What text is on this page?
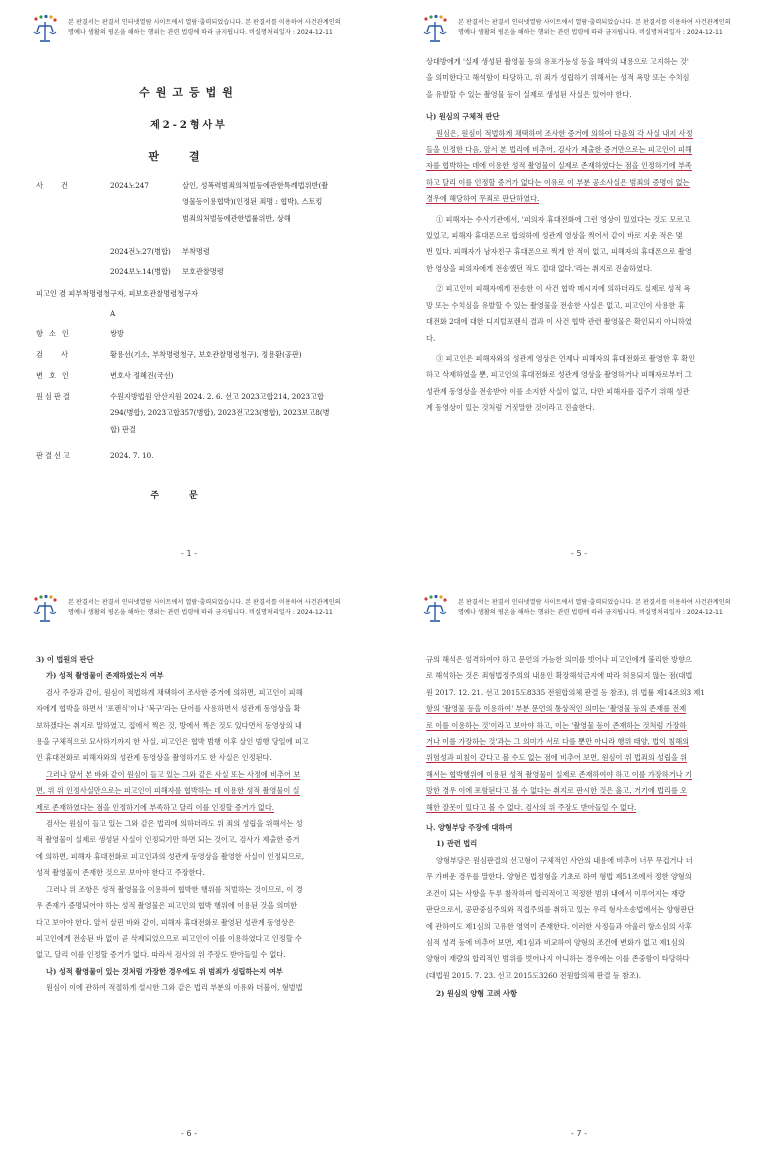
본 판결서는 판결서 인터넷열람 사이트에서 열람·출력되었습니다. 본 판결서를 이용하여 사건관계인의
명예나 생활의 평온을 해하는 행위는 관련 법령에 따라 금지됩니다. 비실명처리일자 : 2024-12-11
수원고등법원
제2-2형사부
판결
사건	2024노247	살인, 성폭력범죄의처벌등에관한특례법위반(촬
영물등이용협박)(인정된 죄명 : 협박), 스토킹
범죄의처벌등에관한법률위반, 상해
2024전노27(병합) 부착명령
2024보노14(병합) 보호관찰명령
피고인 겸 피부착명령청구자, 피보호관찰명령청구자
A
항소인	쌍방
검사	황용선(기소, 부착명령청구, 보호관찰명령청구), 정용환(공판)
변호인	변호사 정혜진(국선)
원심판결	수원지방법원 안산지원 2024. 2. 6. 선고 2023고합214, 2023고합
294(병합), 2023고합357(병합), 2023전고23(병합), 2023보고8(병
합) 판결
판결선고	2024. 7. 10.
주문
- 1 -
본 판결서는 판결서 인터넷열람 사이트에서 열람·출력되었습니다. 본 판결서를 이용하여 사건관계인의
명예나 생활의 평온을 해하는 행위는 관련 법령에 따라 금지됩니다. 비실명처리일자 : 2024-12-11
상대방에게 '실제 생성된 촬영물 등의 유포가능성 등을 해악의 내용으로 고지하는 것'
을 의미한다고 해석함이 타당하고, 위 죄가 성립하기 위해서는 성적 욕망 또는 수치심
을 유발할 수 있는 촬영물 등이 실제로 생성된 사실은 있어야 한다.
나) 원심의 구체적 판단
원심은, 원심이 적법하게 채택하여 조사한 증거에 의하여 다음의 각 사실 내지 사정
들을 인정한 다음, 앞서 본 법리에 비추어, 검사가 제출한 증거만으로는 피고인이 피해
자를 협박하는 데에 이용한 성적 촬영물이 실제로 존재하였다는 점을 인정하기에 부족
하고 달리 이를 인정할 증거가 없다는 이유로 이 부분 공소사실은 범죄의 증명이 없는
경우에 해당하여 무죄로 판단하였다.
① 피해자는 수사기관에서, '피의자 휴대전화에 그런 영상이 있었다는 것도 모르고
있었고, 피해자 휴대폰으로 합의하에 성관계 영상을 찍어서 같이 바로 지운 적은 몇
번 있다. 피해자가 남자친구 휴대폰으로 찍게 한 적이 없고, 피해자의 휴대폰으로 촬영
한 영상을 피의자에게 전송했던 적도 절대 없다.'라는 취지로 진술하였다.
② 피고인이 피해자에게 전송한 이 사건 협박 메시지에 의하더라도 실제로 성적 욕
망 또는 수치심을 유발할 수 있는 촬영물을 전송한 사실은 없고, 피고인이 사용한 휴
대전화 2대에 대한 디지털포렌식 결과 이 사건 협박 관련 촬영물은 확인되지 아니하였
다.
③ 피고인은 피해자와의 성관계 영상은 언제나 피해자의 휴대전화로 촬영한 후 확인
하고 삭제하였을 뿐, 피고인의 휴대전화로 성관계 영상을 촬영하거나 피해자로부터 그
성관계 동영상을 전송받아 이를 소지한 사실이 없고, 다만 피해자를 겁주기 위해 성관
계 동영상이 있는 것처럼 거짓말한 것이라고 진술한다.
- 5 -
본 판결서는 판결서 인터넷열람 사이트에서 열람·출력되었습니다. 본 판결서를 이용하여 사건관계인의
명예나 생활의 평온을 해하는 행위는 관련 법령에 따라 금지됩니다. 비실명처리일자 : 2024-12-11
3) 이 법원의 판단
가) 성적 촬영물이 존재하였는지 여부
검사 주장과 같이, 원심이 적법하게 채택하여 조사한 증거에 의하면, 피고인이 피해
자에게 협박을 하면서 '포렌식'이나 '복구'라는 단어를 사용하면서 성관계 동영상을 확
보하겠다는 취지로 말하였고, 집에서 찍은 것, 방에서 찍은 것도 있다면서 동영상의 내
용을 구체적으로 묘사하기까지 한 사실, 피고인은 협박 범행 이후 살인 범행 당일에 피고
인 휴대전화로 피해자와의 성관계 동영상을 촬영하기도 한 사실은 인정된다.
그러나 앞서 본 바와 같이 원심이 들고 있는 그와 같은 사실 또는 사정에 비추어 보
면, 위 위 인정사실만으로는 피고인이 피해자를 협박하는 데 이용한 성적 촬영물이 실
제로 존재하였다는 점을 인정하기에 부족하고 달리 이를 인정할 증거가 없다.
검사는 원심이 들고 있는 그와 같은 법리에 의하더라도 위 죄의 성립을 위해서는 성
적 촬영물이 실제로 생성된 사실이 인정되기만 하면 되는 것이고, 검사가 제출한 증거
에 의하면, 피해자 휴대전화로 피고인과의 성관계 동영상을 촬영한 사실이 인정되므로,
성적 촬영물이 존재한 것으로 보아야 한다고 주장한다.
그러나 위 조항은 성적 촬영물을 이용하여 협박한 행위를 처벌하는 것이므로, 이 경
우 존재가 증명되어야 하는 성적 촬영물은 피고인의 협박 행위에 이용된 것을 의미한
다고 보아야 한다. 앞서 살핀 바와 같이, 피해자 휴대전화로 촬영된 성관계 동영상은
피고인에게 전송된 바 없이 곧 삭제되었으므로 피고인이 이를 이용하였다고 인정할 수
없고, 달리 이를 인정할 증거가 없다. 따라서 검사의 위 주장도 받아들일 수 없다.
나) 성적 촬영물이 있는 것처럼 가장한 경우에도 위 범죄가 성립하는지 여부
원심이 이에 관하여 적절하게 설시한 그와 같은 법리 부분의 이유와 더불어, 형벌법
- 6 -
본 판결서는 판결서 인터넷열람 사이트에서 열람·출력되었습니다. 본 판결서를 이용하여 사건관계인의
명예나 생활의 평온을 해하는 행위는 관련 법령에 따라 금지됩니다. 비실명처리일자 : 2024-12-11
규의 해석은 엄격하여야 하고 문언의 가능한 의미를 벗어나 피고인에게 불리한 방향으
로 해석하는 것은 죄형법정주의의 내용인 확장해석금지에 따라 허용되지 않는 점(대법
원 2017. 12. 21. 선고 2015도8335 전원합의체 판결 등 참조), 위 법률 제14조의3 제1
항의 '촬영물 등을 이용하여' 부분 문언의 통상적인 의미는 '촬영물 등의 존재를 전제
로 이를 이용하는 것'이라고 보아야 하고, 이는 '촬영물 등이 존재하는 것처럼 가장하
거나 이를 가장하는 것'과는 그 의미가 서로 다를 뿐만 아니라 행위 태양, 법익 침해의
위험성과 피침이 같다고 볼 수도 없는 점에 비추어 보면, 원심이 위 법죄의 성립을 위
해서는 협박행위에 이용된 성적 촬영물이 실제로 존재하여야 하고 이를 가장하거나 기
망한 경우 이에 포함된다고 볼 수 없다는 취지로 판시한 것은 옳고, 거기에 법리를 오
해한 잘못이 있다고 볼 수 없다. 검사의 위 주장도 받아들일 수 없다.
나. 양형부당 주장에 대하여
1) 관련 법리
양형부당은 원심판결의 선고형이 구체적인 사안의 내용에 비추어 너무 무겁거나 너
무 가벼운 경우를 말한다. 양형은 법정형을 기초로 하여 형법 제51조에서 정한 양형의
조건이 되는 사항을 두루 참작하여 합리적이고 적정한 범위 내에서 이루어지는 재량
판단으로서, 공판중심주의와 직접주의를 취하고 있는 우리 형사소송법에서는 양형판단
에 관하여도 제1심의 고유한 영역이 존재한다. 이러한 사정들과 아울러 항소심의 사후
심적 성격 등에 비추어 보면, 제1심과 비교하여 양형의 조건에 변화가 없고 제1심의
양형이 재량의 합리적인 범위를 벗어나지 아니하는 경우에는 이를 존중함이 타당하다
(대법원 2015. 7. 23. 선고 2015도3260 전원합의체 판결 등 참조).
2) 원심의 양형 고려 사항
- 7 -
